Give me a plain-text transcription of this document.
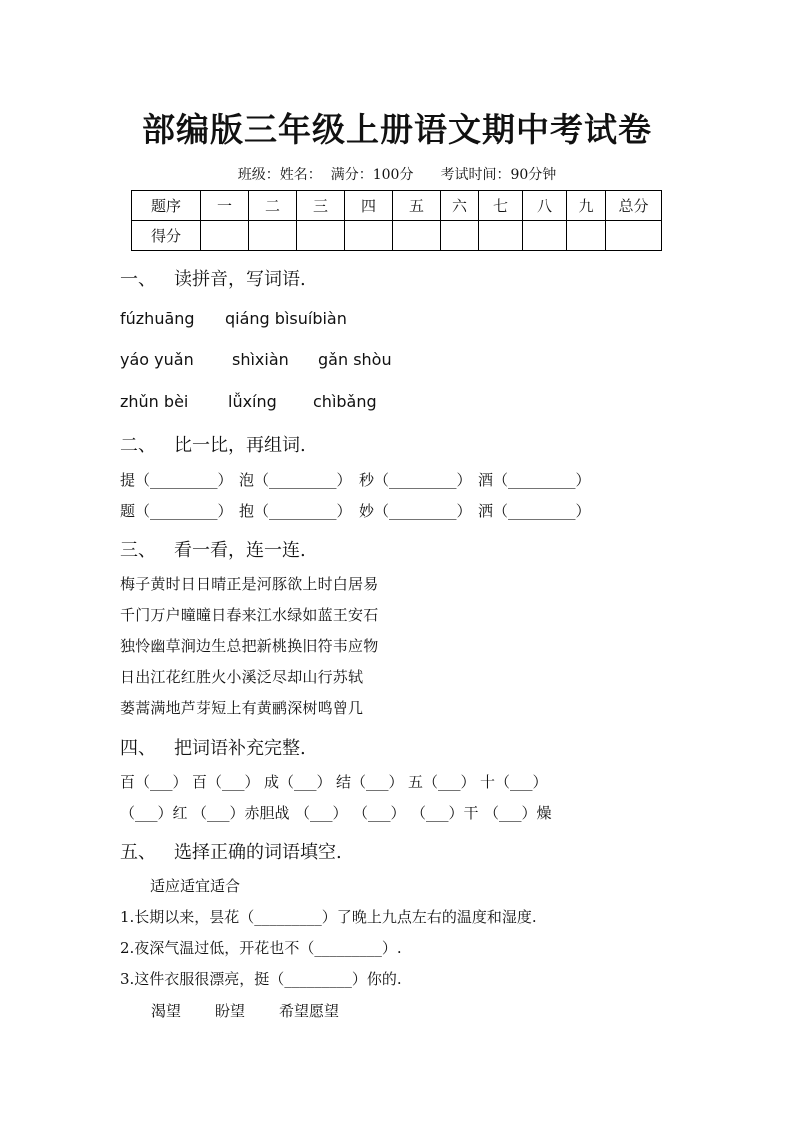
部编版三年级上册语文期中考试卷
班级：姓名： 满分：100分 考试时间：90分钟
题序	一	二	三	四	五	六	七	八	九	总分
得分										
一、 读拼音，写词语.
fúzhuāng qiáng bìsuíbiàn
yáo yuǎn shìxiàn gǎn shòu
zhǔn bèi lǚxíng chìbǎng
二、 比一比，再组词.
提（_________） 泡（_________） 秒（_________） 酒（_________）
题（_________） 抱（_________） 妙（_________） 洒（_________）
三、 看一看，连一连.
梅子黄时日日晴正是河豚欲上时白居易
千门万户曈曈日春来江水绿如蓝王安石
独怜幽草涧边生总把新桃换旧符韦应物
日出江花红胜火小溪泛尽却山行苏轼
蒌蒿满地芦芽短上有黄鹂深树鸣曾几
四、 把词语补充完整.
百（___） 百（___） 成（___） 结（___） 五（___） 十（___）
（___）红 （___）赤胆战 （___） （___） （___）干 （___）燥
五、 选择正确的词语填空.
适应适宜适合
1.长期以来，昙花（_________）了晚上九点左右的温度和湿度.
2.夜深气温过低，开花也不（_________）.
3.这件衣服很漂亮，挺（_________）你的.
渴望 盼望 希望愿望
